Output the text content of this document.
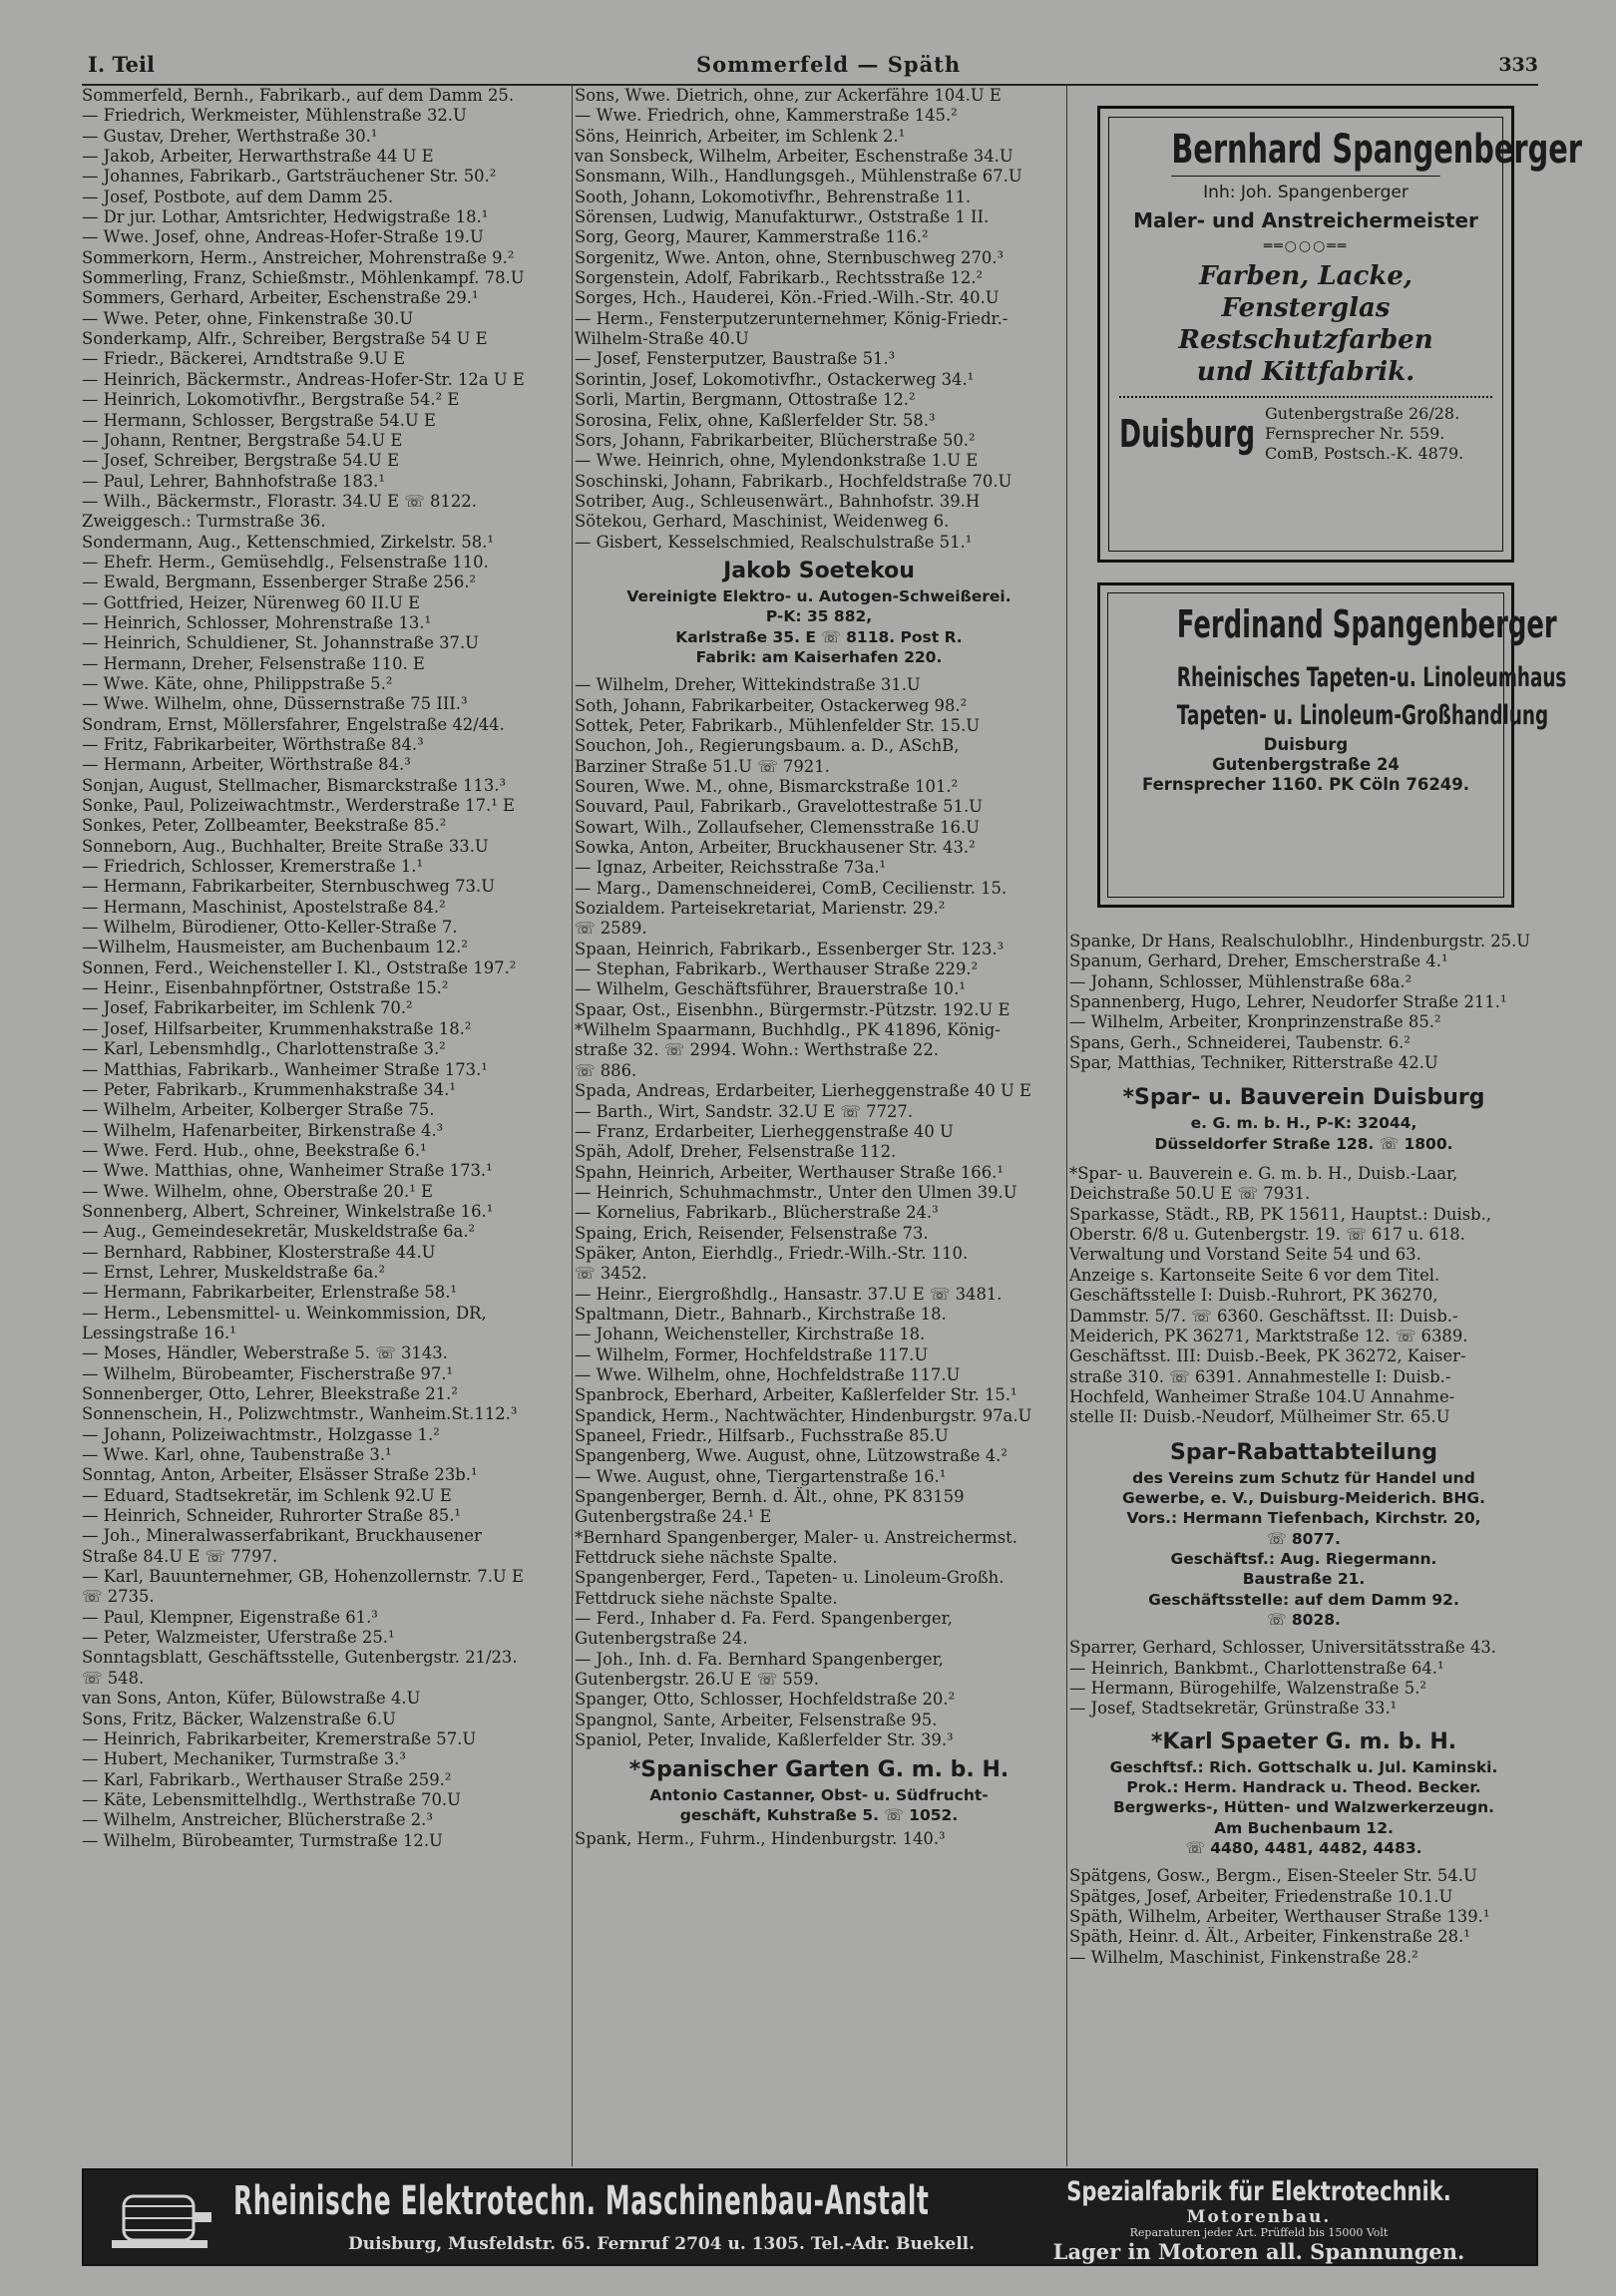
I. Teil	Sommerfeld — Späth	333
Sommerfeld, Bernh., Fabrikarb., auf dem Damm 25.
— Friedrich, Werkmeister, Mühlenstraße 32.U
— Gustav, Dreher, Werthstraße 30.¹
— Jakob, Arbeiter, Herwarthstraße 44 U E
— Johannes, Fabrikarb., Gartsträuchener Str. 50.²
— Josef, Postbote, auf dem Damm 25.
— Dr jur. Lothar, Amtsrichter, Hedwigstraße 18.¹
— Wwe. Josef, ohne, Andreas-Hofer-Straße 19.U
Sommerkorn, Herm., Anstreicher, Mohrenstraße 9.²
Sommerling, Franz, Schießmstr., Möhlenkampf. 78.U
Sommers, Gerhard, Arbeiter, Eschenstraße 29.¹
— Wwe. Peter, ohne, Finkenstraße 30.U
Sonderkamp, Alfr., Schreiber, Bergstraße 54 U E
— Friedr., Bäckerei, Arndtstraße 9.U E
— Heinrich, Bäckermstr., Andreas-Hofer-Str. 12a U E
— Heinrich, Lokomotivfhr., Bergstraße 54.² E
— Hermann, Schlosser, Bergstraße 54.U E
— Johann, Rentner, Bergstraße 54.U E
— Josef, Schreiber, Bergstraße 54.U E
— Paul, Lehrer, Bahnhofstraße 183.¹
— Wilh., Bäckermstr., Florastr. 34.U E ☏ 8122.
Zweiggesch.: Turmstraße 36.
Sondermann, Aug., Kettenschmied, Zirkelstr. 58.¹
— Ehefr. Herm., Gemüsehdlg., Felsenstraße 110.
— Ewald, Bergmann, Essenberger Straße 256.²
— Gottfried, Heizer, Nürenweg 60 II.U E
— Heinrich, Schlosser, Mohrenstraße 13.¹
— Heinrich, Schuldiener, St. Johannstraße 37.U
— Hermann, Dreher, Felsenstraße 110. E
— Wwe. Käte, ohne, Philippstraße 5.²
— Wwe. Wilhelm, ohne, Düssernstraße 75 III.³
Sondram, Ernst, Möllersfahrer, Engelstraße 42/44.
— Fritz, Fabrikarbeiter, Wörthstraße 84.³
— Hermann, Arbeiter, Wörthstraße 84.³
Sonjan, August, Stellmacher, Bismarckstraße 113.³
Sonke, Paul, Polizeiwachtmstr., Werderstraße 17.¹ E
Sonkes, Peter, Zollbeamter, Beekstraße 85.²
Sonneborn, Aug., Buchhalter, Breite Straße 33.U
— Friedrich, Schlosser, Kremerstraße 1.¹
— Hermann, Fabrikarbeiter, Sternbuschweg 73.U
— Hermann, Maschinist, Apostelstraße 84.²
— Wilhelm, Bürodiener, Otto-Keller-Straße 7.
—Wilhelm, Hausmeister, am Buchenbaum 12.²
Sonnen, Ferd., Weichensteller I. Kl., Oststraße 197.²
— Heinr., Eisenbahnpförtner, Oststraße 15.²
— Josef, Fabrikarbeiter, im Schlenk 70.²
— Josef, Hilfsarbeiter, Krummenhakstraße 18.²
— Karl, Lebensmhdlg., Charlottenstraße 3.²
— Matthias, Fabrikarb., Wanheimer Straße 173.¹
— Peter, Fabrikarb., Krummenhakstraße 34.¹
— Wilhelm, Arbeiter, Kolberger Straße 75.
— Wilhelm, Hafenarbeiter, Birkenstraße 4.³
— Wwe. Ferd. Hub., ohne, Beekstraße 6.¹
— Wwe. Matthias, ohne, Wanheimer Straße 173.¹
— Wwe. Wilhelm, ohne, Oberstraße 20.¹ E
Sonnenberg, Albert, Schreiner, Winkelstraße 16.¹
— Aug., Gemeindesekretär, Muskeldstraße 6a.²
— Bernhard, Rabbiner, Klosterstraße 44.U
— Ernst, Lehrer, Muskeldstraße 6a.²
— Hermann, Fabrikarbeiter, Erlenstraße 58.¹
— Herm., Lebensmittel- u. Weinkommission, DR,
Lessingstraße 16.¹
— Moses, Händler, Weberstraße 5. ☏ 3143.
— Wilhelm, Bürobeamter, Fischerstraße 97.¹
Sonnenberger, Otto, Lehrer, Bleekstraße 21.²
Sonnenschein, H., Polizwchtmstr., Wanheim.St.112.³
— Johann, Polizeiwachtmstr., Holzgasse 1.²
— Wwe. Karl, ohne, Taubenstraße 3.¹
Sonntag, Anton, Arbeiter, Elsässer Straße 23b.¹
— Eduard, Stadtsekretär, im Schlenk 92.U E
— Heinrich, Schneider, Ruhrorter Straße 85.¹
— Joh., Mineralwasserfabrikant, Bruckhausener
Straße 84.U E ☏ 7797.
— Karl, Bauunternehmer, GB, Hohenzollernstr. 7.U E
☏ 2735.
— Paul, Klempner, Eigenstraße 61.³
— Peter, Walzmeister, Uferstraße 25.¹
Sonntagsblatt, Geschäftsstelle, Gutenbergstr. 21/23.
☏ 548.
van Sons, Anton, Küfer, Bülowstraße 4.U
Sons, Fritz, Bäcker, Walzenstraße 6.U
— Heinrich, Fabrikarbeiter, Kremerstraße 57.U
— Hubert, Mechaniker, Turmstraße 3.³
— Karl, Fabrikarb., Werthauser Straße 259.²
— Käte, Lebensmittelhdlg., Werthstraße 70.U
— Wilhelm, Anstreicher, Blücherstraße 2.³
— Wilhelm, Bürobeamter, Turmstraße 12.U
Sons, Wwe. Dietrich, ohne, zur Ackerfähre 104.U E
— Wwe. Friedrich, ohne, Kammerstraße 145.²
Söns, Heinrich, Arbeiter, im Schlenk 2.¹
van Sonsbeck, Wilhelm, Arbeiter, Eschenstraße 34.U
Sonsmann, Wilh., Handlungsgeh., Mühlenstraße 67.U
Sooth, Johann, Lokomotivfhr., Behrenstraße 11.
Sörensen, Ludwig, Manufakturwr., Oststraße 1 II.
Sorg, Georg, Maurer, Kammerstraße 116.²
Sorgenitz, Wwe. Anton, ohne, Sternbuschweg 270.³
Sorgenstein, Adolf, Fabrikarb., Rechtsstraße 12.²
Sorges, Hch., Hauderei, Kön.-Fried.-Wilh.-Str. 40.U
— Herm., Fensterputzerunternehmer, König-Friedr.-
Wilhelm-Straße 40.U
— Josef, Fensterputzer, Baustraße 51.³
Sorintin, Josef, Lokomotivfhr., Ostackerweg 34.¹
Sorli, Martin, Bergmann, Ottostraße 12.²
Sorosina, Felix, ohne, Kaßlerfelder Str. 58.³
Sors, Johann, Fabrikarbeiter, Blücherstraße 50.²
— Wwe. Heinrich, ohne, Mylendonkstraße 1.U E
Soschinski, Johann, Fabrikarb., Hochfeldstraße 70.U
Sotriber, Aug., Schleusenwärt., Bahnhofstr. 39.H
Sötekou, Gerhard, Maschinist, Weidenweg 6.
— Gisbert, Kesselschmied, Realschulstraße 51.¹
Jakob Soetekou
Vereinigte Elektro- u. Autogen-Schweißerei.
P-K: 35 882,
Karlstraße 35. E ☏ 8118. Post R.
Fabrik: am Kaiserhafen 220.
— Wilhelm, Dreher, Wittekindstraße 31.U
Soth, Johann, Fabrikarbeiter, Ostackerweg 98.²
Sottek, Peter, Fabrikarb., Mühlenfelder Str. 15.U
Souchon, Joh., Regierungsbaum. a. D., ASchB,
Barziner Straße 51.U ☏ 7921.
Souren, Wwe. M., ohne, Bismarckstraße 101.²
Souvard, Paul, Fabrikarb., Gravelottestraße 51.U
Sowart, Wilh., Zollaufseher, Clemensstraße 16.U
Sowka, Anton, Arbeiter, Bruckhausener Str. 43.²
— Ignaz, Arbeiter, Reichsstraße 73a.¹
— Marg., Damenschneiderei, ComB, Cecilienstr. 15.
Sozialdem. Parteisekretariat, Marienstr. 29.²
☏ 2589.
Spaan, Heinrich, Fabrikarb., Essenberger Str. 123.³
— Stephan, Fabrikarb., Werthauser Straße 229.²
— Wilhelm, Geschäftsführer, Brauerstraße 10.¹
Spaar, Ost., Eisenbhn., Bürgermstr.-Pützstr. 192.U E
*Wilhelm Spaarmann, Buchhdlg., PK 41896, König-
straße 32. ☏ 2994. Wohn.: Werthstraße 22.
☏ 886.
Spada, Andreas, Erdarbeiter, Lierheggenstraße 40 U E
— Barth., Wirt, Sandstr. 32.U E ☏ 7727.
— Franz, Erdarbeiter, Lierheggenstraße 40 U
Späh, Adolf, Dreher, Felsenstraße 112.
Spahn, Heinrich, Arbeiter, Werthauser Straße 166.¹
— Heinrich, Schuhmachmstr., Unter den Ulmen 39.U
— Kornelius, Fabrikarb., Blücherstraße 24.³
Spaing, Erich, Reisender, Felsenstraße 73.
Späker, Anton, Eierhdlg., Friedr.-Wilh.-Str. 110.
☏ 3452.
— Heinr., Eiergroßhdlg., Hansastr. 37.U E ☏ 3481.
Spaltmann, Dietr., Bahnarb., Kirchstraße 18.
— Johann, Weichensteller, Kirchstraße 18.
— Wilhelm, Former, Hochfeldstraße 117.U
— Wwe. Wilhelm, ohne, Hochfeldstraße 117.U
Spanbrock, Eberhard, Arbeiter, Kaßlerfelder Str. 15.¹
Spandick, Herm., Nachtwächter, Hindenburgstr. 97a.U
Spaneel, Friedr., Hilfsarb., Fuchsstraße 85.U
Spangenberg, Wwe. August, ohne, Lützowstraße 4.²
— Wwe. August, ohne, Tiergartenstraße 16.¹
Spangenberger, Bernh. d. Ält., ohne, PK 83159
Gutenbergstraße 24.¹ E
*Bernhard Spangenberger, Maler- u. Anstreichermst.
Fettdruck siehe nächste Spalte.
Spangenberger, Ferd., Tapeten- u. Linoleum-Großh.
Fettdruck siehe nächste Spalte.
— Ferd., Inhaber d. Fa. Ferd. Spangenberger,
Gutenbergstraße 24.
— Joh., Inh. d. Fa. Bernhard Spangenberger,
Gutenbergstr. 26.U E ☏ 559.
Spanger, Otto, Schlosser, Hochfeldstraße 20.²
Spangnol, Sante, Arbeiter, Felsenstraße 95.
Spaniol, Peter, Invalide, Kaßlerfelder Str. 39.³
*Spanischer Garten G. m. b. H.
Antonio Castanner, Obst- u. Südfrucht-
geschäft, Kuhstraße 5. ☏ 1052.
Spank, Herm., Fuhrm., Hindenburgstr. 140.³
Bernhard Spangenberger
Inh: Joh. Spangenberger
Maler- und Anstreichermeister
══○○○══
Farben, Lacke, Fensterglas
Restschutzfarben
und Kittfabrik.
Duisburg Gutenbergstraße 26/28.
Fernsprecher Nr. 559.
ComB, Postsch.-K. 4879.
Ferdinand Spangenberger
Rheinisches Tapeten-u. Linoleumhaus
Tapeten- u. Linoleum-Großhandlung
Duisburg
Gutenbergstraße 24
Fernsprecher 1160. PK Cöln 76249.
Spanke, Dr Hans, Realschuloblhr., Hindenburgstr. 25.U
Spanum, Gerhard, Dreher, Emscherstraße 4.¹
— Johann, Schlosser, Mühlenstraße 68a.²
Spannenberg, Hugo, Lehrer, Neudorfer Straße 211.¹
— Wilhelm, Arbeiter, Kronprinzenstraße 85.²
Spans, Gerh., Schneiderei, Taubenstr. 6.²
Spar, Matthias, Techniker, Ritterstraße 42.U
*Spar- u. Bauverein Duisburg
e. G. m. b. H., P-K: 32044,
Düsseldorfer Straße 128. ☏ 1800.
*Spar- u. Bauverein e. G. m. b. H., Duisb.-Laar,
Deichstraße 50.U E ☏ 7931.
Sparkasse, Städt., RB, PK 15611, Hauptst.: Duisb.,
Oberstr. 6/8 u. Gutenbergstr. 19. ☏ 617 u. 618.
Verwaltung und Vorstand Seite 54 und 63.
Anzeige s. Kartonseite Seite 6 vor dem Titel.
Geschäftsstelle I: Duisb.-Ruhrort, PK 36270,
Dammstr. 5/7. ☏ 6360. Geschäftsst. II: Duisb.-
Meiderich, PK 36271, Marktstraße 12. ☏ 6389.
Geschäftsst. III: Duisb.-Beek, PK 36272, Kaiser-
straße 310. ☏ 6391. Annahmestelle I: Duisb.-
Hochfeld, Wanheimer Straße 104.U Annahme-
stelle II: Duisb.-Neudorf, Mülheimer Str. 65.U
Spar-Rabattabteilung
des Vereins zum Schutz für Handel und
Gewerbe, e. V., Duisburg-Meiderich. BHG.
Vors.: Hermann Tiefenbach, Kirchstr. 20,
☏ 8077.
Geschäftsf.: Aug. Riegermann.
Baustraße 21.
Geschäftsstelle: auf dem Damm 92.
☏ 8028.
Sparrer, Gerhard, Schlosser, Universitätsstraße 43.
— Heinrich, Bankbmt., Charlottenstraße 64.¹
— Hermann, Bürogehilfe, Walzenstraße 5.²
— Josef, Stadtsekretär, Grünstraße 33.¹
*Karl Spaeter G. m. b. H.
Geschftsf.: Rich. Gottschalk u. Jul. Kaminski.
Prok.: Herm. Handrack u. Theod. Becker.
Bergwerks-, Hütten- und Walzwerkerzeugn.
Am Buchenbaum 12.
☏ 4480, 4481, 4482, 4483.
Spätgens, Gosw., Bergm., Eisen-Steeler Str. 54.U
Spätges, Josef, Arbeiter, Friedenstraße 10.1.U
Späth, Wilhelm, Arbeiter, Werthauser Straße 139.¹
Späth, Heinr. d. Ält., Arbeiter, Finkenstraße 28.¹
— Wilhelm, Maschinist, Finkenstraße 28.²
Rheinische Elektrotechn. Maschinenbau-Anstalt
Duisburg, Musfeldstr. 65. Fernruf 2704 u. 1305. Tel.-Adr. Buekell.
Spezialfabrik für Elektrotechnik.
Motorenbau.
Reparaturen jeder Art. Prüffeld bis 15000 Volt
Lager in Motoren all. Spannungen.
